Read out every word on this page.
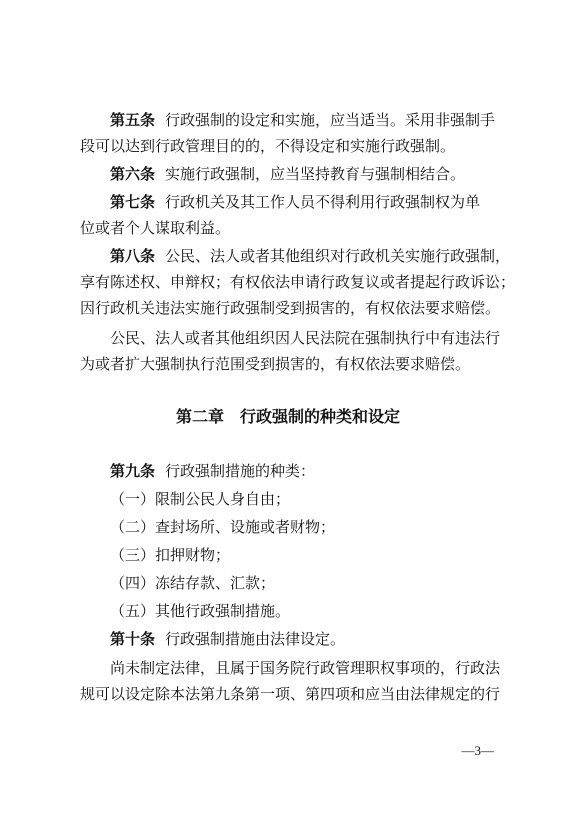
第五条 行政强制的设定和实施，应当适当。采用非强制手
段可以达到行政管理目的的，不得设定和实施行政强制。
第六条 实施行政强制，应当坚持教育与强制相结合。
第七条 行政机关及其工作人员不得利用行政强制权为单
位或者个人谋取利益。
第八条 公民、法人或者其他组织对行政机关实施行政强制，
享有陈述权、申辩权；有权依法申请行政复议或者提起行政诉讼；
因行政机关违法实施行政强制受到损害的，有权依法要求赔偿。
公民、法人或者其他组织因人民法院在强制执行中有违法行
为或者扩大强制执行范围受到损害的，有权依法要求赔偿。
第二章 行政强制的种类和设定
第九条 行政强制措施的种类：
（一）限制公民人身自由；
（二）查封场所、设施或者财物；
（三）扣押财物；
（四）冻结存款、汇款；
（五）其他行政强制措施。
第十条 行政强制措施由法律设定。
尚未制定法律，且属于国务院行政管理职权事项的，行政法
规可以设定除本法第九条第一项、第四项和应当由法律规定的行
—3—
